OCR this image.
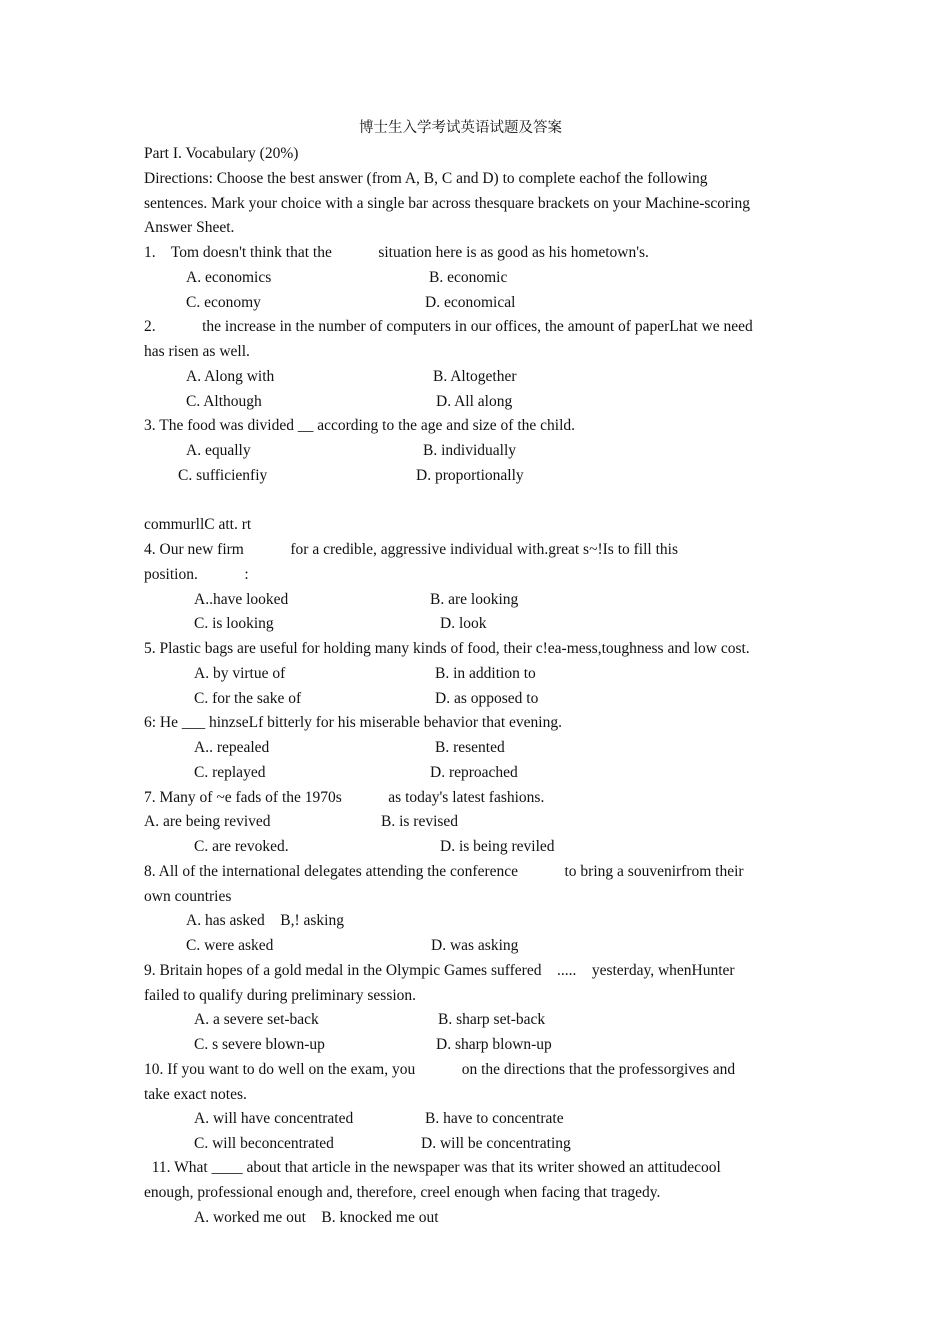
博士生入学考试英语试题及答案
Part I. Vocabulary (20%)
Directions: Choose the best answer (from A, B, C and D) to complete eachof the following
sentences. Mark your choice with a single bar across thesquare brackets on your Machine-scoring
Answer Sheet.
1.    Tom doesn't think that the            situation here is as good as his hometown's.
A. economics	B. economic
C. economy	D. economical
2.            the increase in the number of computers in our offices, the amount of paperLhat we need
has risen as well.
A. Along with	B. Altogether
C. Although	D. All along
3. The food was divided __ according to the age and size of the child.
A. equally	B. individually
C. sufficienfiy	D. proportionally
commurllC att. rt
4. Our new firm            for a credible, aggressive individual with.great s~!Is to fill this
position.            :
A..have looked	B. are looking
C. is looking	D. look
5. Plastic bags are useful for holding many kinds of food, their c!ea-mess,toughness and low cost.
A. by virtue of	B. in addition to
C. for the sake of	D. as opposed to
6: He ___ hinzseLf bitterly for his miserable behavior that evening.
A.. repealed	B. resented
C. replayed	D. reproached
7. Many of ~e fads of the 1970s            as today's latest fashions.
A. are being revived	B. is revised
C. are revoked.	D. is being reviled
8. All of the international delegates attending the conference            to bring a souvenirfrom their
own countries
A. has asked    B,! asking
C. were asked	D. was asking
9. Britain hopes of a gold medal in the Olympic Games suffered    .....    yesterday, whenHunter
failed to qualify during preliminary session.
A. a severe set-back	B. sharp set-back
C. s severe blown-up	D. sharp blown-up
10. If you want to do well on the exam, you            on the directions that the professorgives and
take exact notes.
A. will have concentrated	B. have to concentrate
C. will beconcentrated	D. will be concentrating
11. What ____ about that article in the newspaper was that its writer showed an attitudecool
enough, professional enough and, therefore, creel enough when facing that tragedy.
A. worked me out    B. knocked me out
